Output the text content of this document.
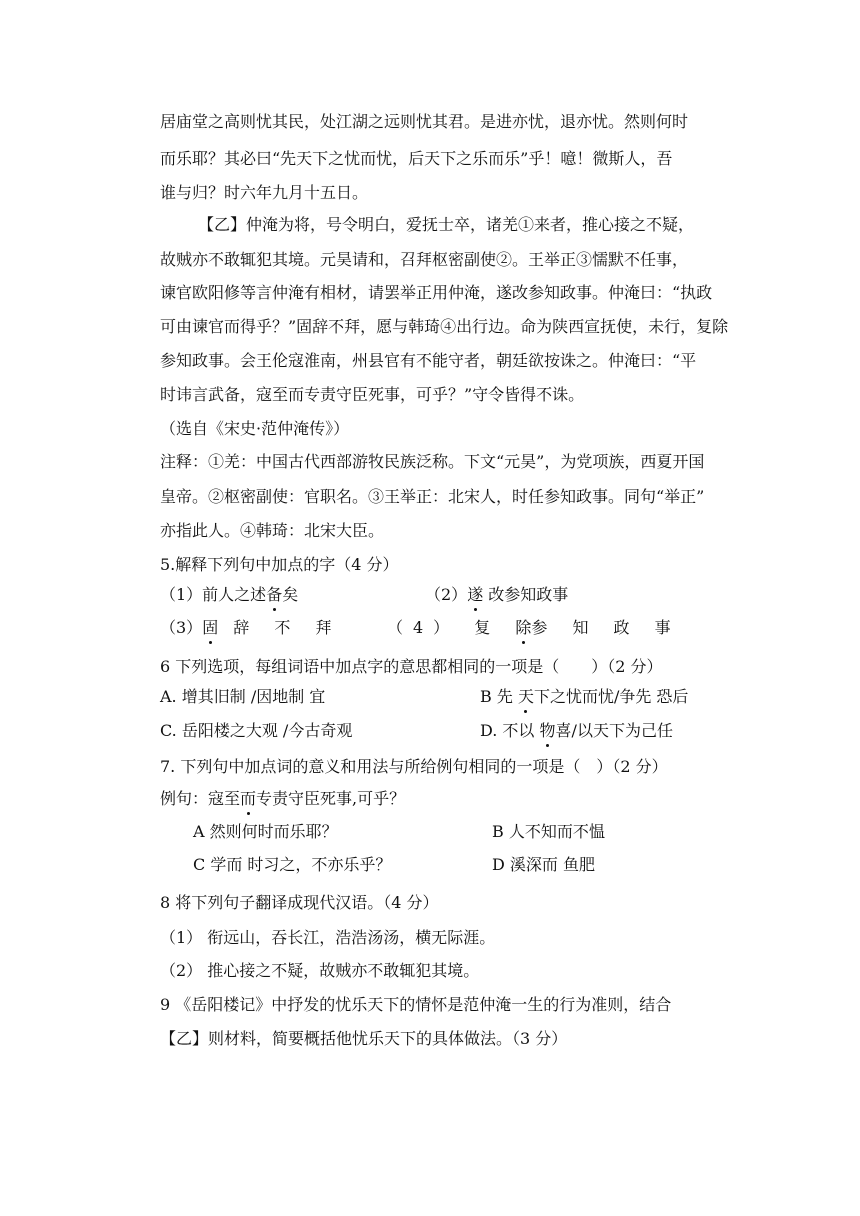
居庙堂之高则忧其民，处江湖之远则忧其君。是进亦忧，退亦忧。然则何时
而乐耶？其必曰“先天下之忧而忧，后天下之乐而乐”乎！噫！微斯人，吾
谁与归？时六年九月十五日。
【乙】仲淹为将，号令明白，爱抚士卒，诸羌①来者，推心接之不疑，
故贼亦不敢辄犯其境。元昊请和，召拜枢密副使②。王举正③懦默不任事，
谏官欧阳修等言仲淹有相材，请罢举正用仲淹，遂改参知政事。仲淹曰：“执政
可由谏官而得乎？”固辞不拜，愿与韩琦④出行边。命为陕西宣抚使，未行，复除
参知政事。会王伦寇淮南，州县官有不能守者，朝廷欲按诛之。仲淹曰：“平
时讳言武备，寇至而专责守臣死事，可乎？”守令皆得不诛。
（选自《宋史·范仲淹传》）
注释：①羌：中国古代西部游牧民族泛称。下文“元昊”，为党项族，西夏开国
皇帝。②枢密副使：官职名。③王举正：北宋人，时任参知政事。同句“举正”
亦指此人。④韩琦：北宋大臣。
5.解释下列句中加点的字（4 分）
（1）前人之述备矣	（2）遂 改参知政事
（3）固 辞 不 拜	（4） 复 除参 知 政 事
6 下列选项，每组词语中加点字的意思都相同的一项是（　　）（2 分）
A. 增其旧制 /因地制 宜	B 先 天下之忧而忧/争先 恐后
C. 岳阳楼之大观 /今古奇观	D. 不以 物喜/以天下为己任
7. 下列句中加点词的意义和用法与所给例句相同的一项是（　）（2 分）
例句：寇至而专责守臣死事,可乎？
A 然则何时而乐耶？	B 人不知而不愠
C 学而 时习之，不亦乐乎？	D 溪深而 鱼肥
8 将下列句子翻译成现代汉语。（4 分）
（1） 衔远山，吞长江，浩浩汤汤，横无际涯。
（2） 推心接之不疑，故贼亦不敢辄犯其境。
9 《岳阳楼记》中抒发的忧乐天下的情怀是范仲淹一生的行为准则，结合
【乙】则材料，简要概括他忧乐天下的具体做法。（3 分）
